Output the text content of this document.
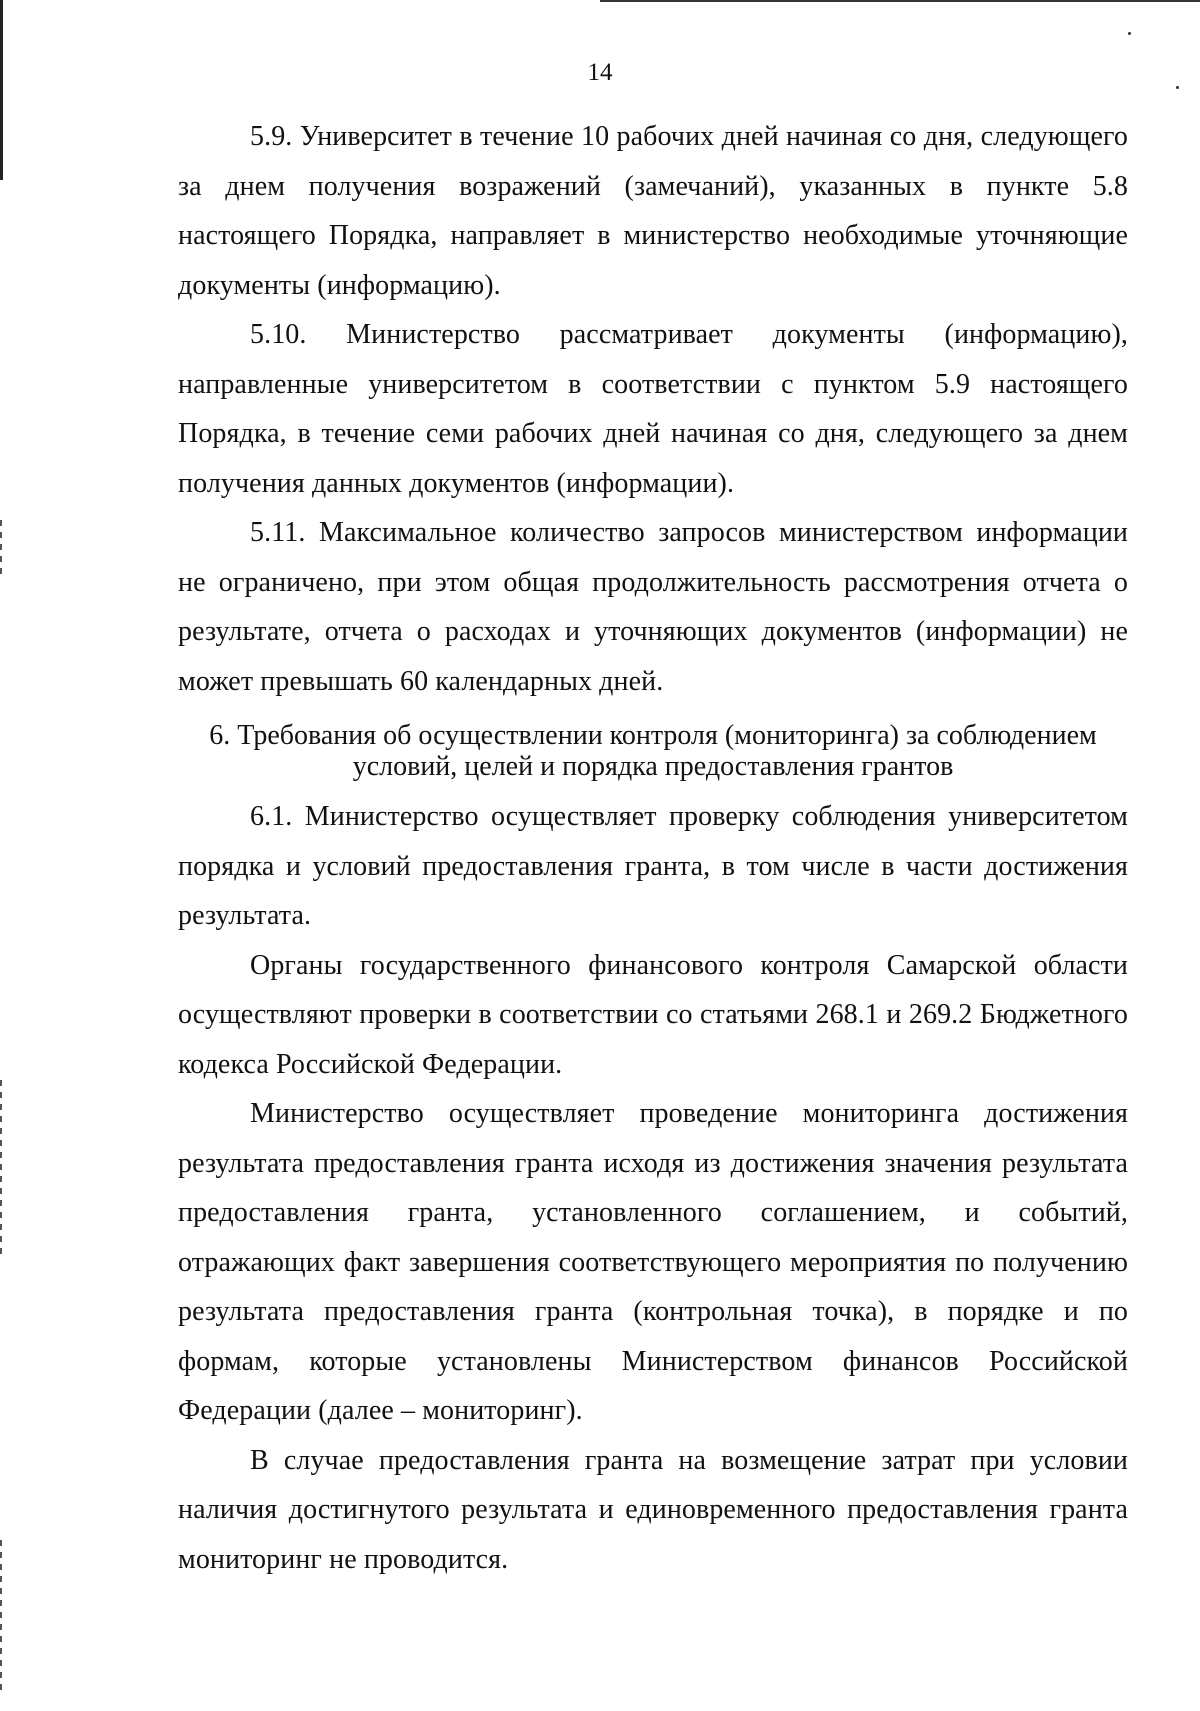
14

5.9. Университет в течение 10 рабочих дней начиная со дня, следующего за днем получения возражений (замечаний), указанных в пункте 5.8 настоящего Порядка, направляет в министерство необходимые уточняющие документы (информацию).

5.10. Министерство рассматривает документы (информацию), направленные университетом в соответствии с пунктом 5.9 настоящего Порядка, в течение семи рабочих дней начиная со дня, следующего за днем получения данных документов (информации).

5.11. Максимальное количество запросов министерством информации не ограничено, при этом общая продолжительность рассмотрения отчета о результате, отчета о расходах и уточняющих документов (информации) не может превышать 60 календарных дней.

6. Требования об осуществлении контроля (мониторинга) за соблюдением
условий, целей и порядка предоставления грантов

6.1. Министерство осуществляет проверку соблюдения университетом порядка и условий предоставления гранта, в том числе в части достижения результата.

Органы государственного финансового контроля Самарской области осуществляют проверки в соответствии со статьями 268.1 и 269.2 Бюджетного кодекса Российской Федерации.

Министерство осуществляет проведение мониторинга достижения результата предоставления гранта исходя из достижения значения результата предоставления гранта, установленного соглашением, и событий, отражающих факт завершения соответствующего мероприятия по получению результата предоставления гранта (контрольная точка), в порядке и по формам, которые установлены Министерством финансов Российской Федерации (далее – мониторинг).

В случае предоставления гранта на возмещение затрат при условии наличия достигнутого результата и единовременного предоставления гранта мониторинг не проводится.
